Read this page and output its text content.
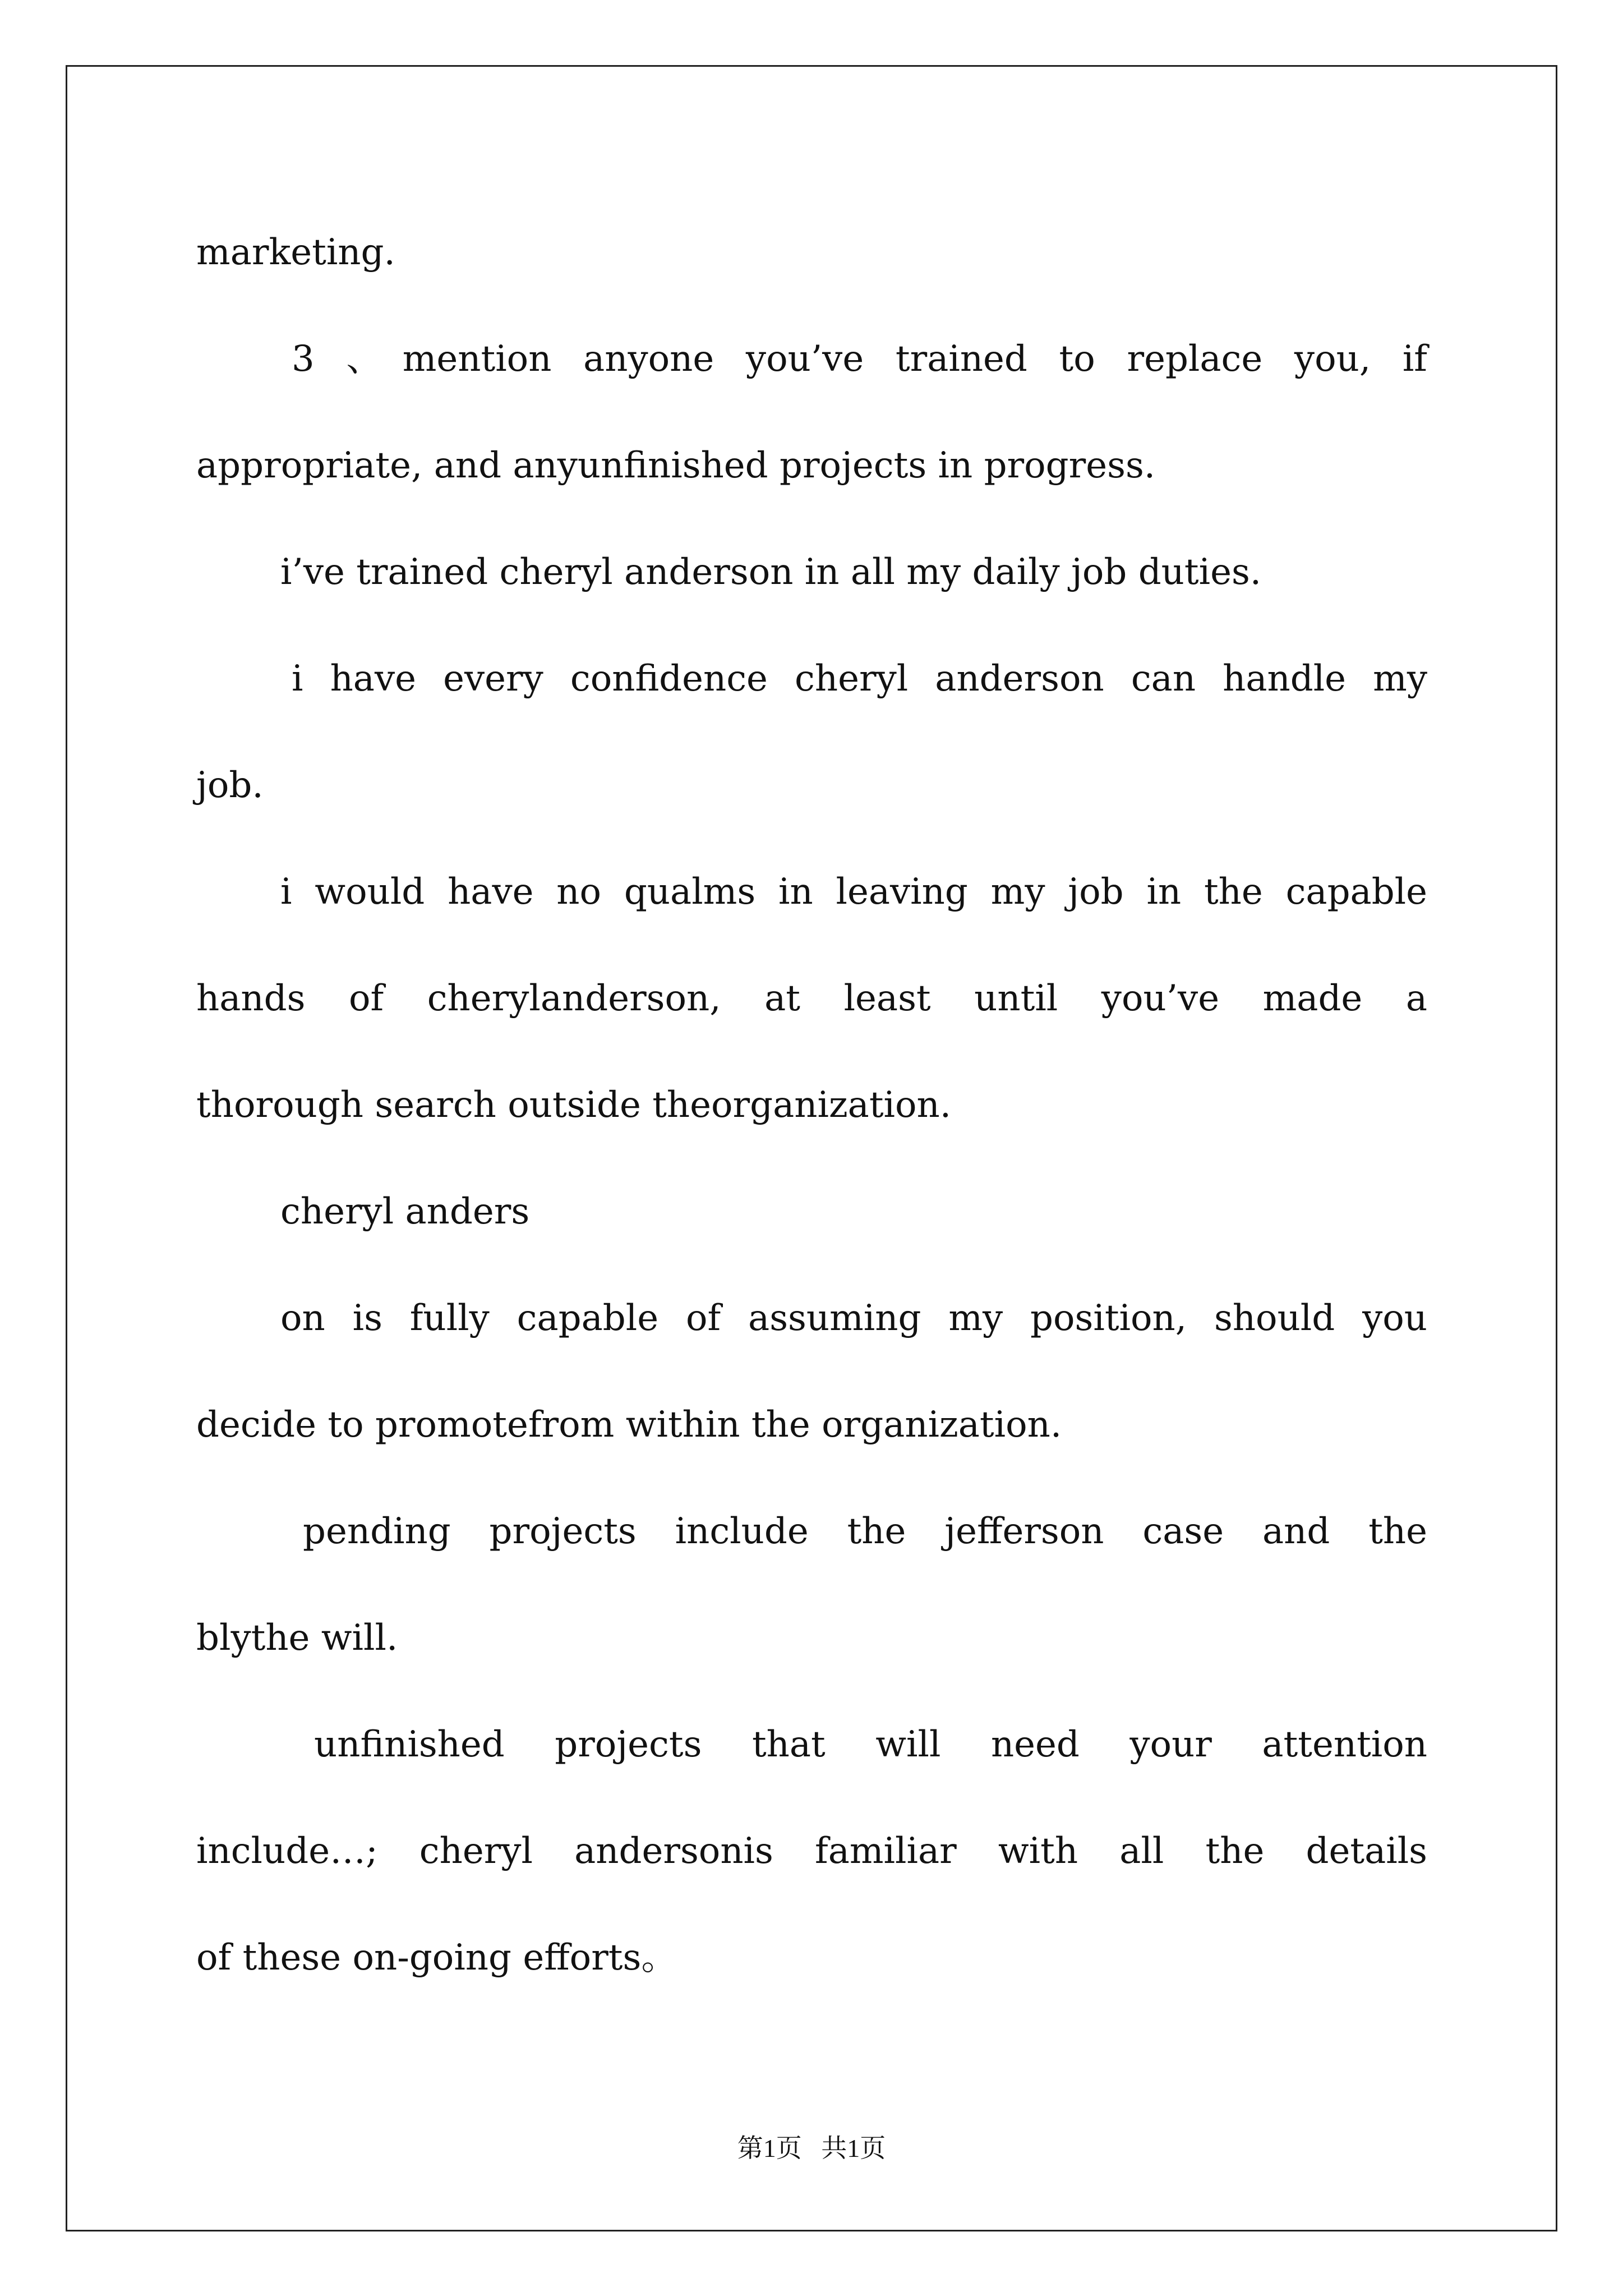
marketing.
3 、mention anyone you’ve trained to replace you, if
appropriate, and anyunfinished projects in progress.
i’ve trained cheryl anderson in all my daily job duties.
i have every confidence cheryl anderson can handle my
job.
i would have no qualms in leaving my job in the capable
hands of cherylanderson, at least until you’ve made a
thorough search outside theorganization.
cheryl anders
on is fully capable of assuming my position, should you
decide to promotefrom within the organization.
pending projects include the jefferson case and the
blythe will.
unfinished projects that will need your attention
include…; cheryl andersonis familiar with all the details
of these on-going efforts。
第1页 共1页
